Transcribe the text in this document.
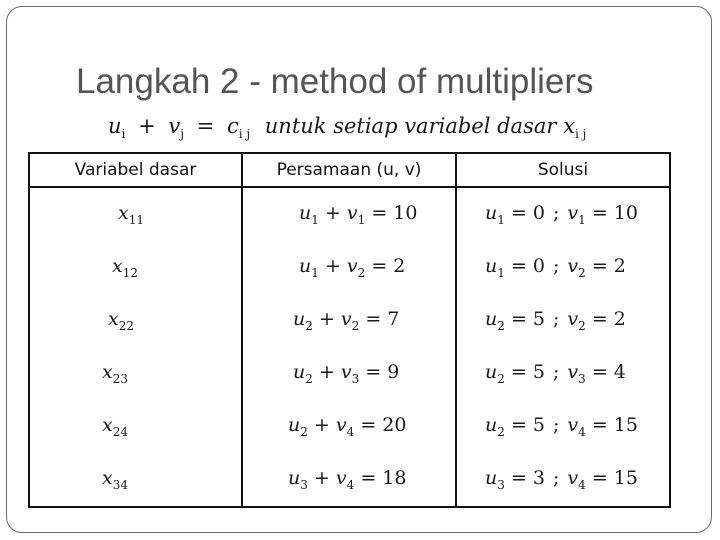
Langkah 2 - method of multipliers
$u_i + v_j = c_{i j}$ untuk setiap variabel dasar $x_{i j}$
Variabel dasar	Persamaan (u, v)	Solusi
$x_{11}$	$u_1 + v_1 = 10$	$u_1 = 0$ ; $v_1 = 10$
$x_{12}$	$u_1 + v_2 = 2$	$u_1 = 0$ ; $v_2 = 2$
$x_{22}$	$u_2 + v_2 = 7$	$u_2 = 5$ ; $v_2 = 2$
$x_{23}$	$u_2 + v_3 = 9$	$u_2 = 5$ ; $v_3 = 4$
$x_{24}$	$u_2 + v_4 = 20$	$u_2 = 5$ ; $v_4 = 15$
$x_{34}$	$u_3 + v_4 = 18$	$u_3 = 3$ ; $v_4 = 15$
